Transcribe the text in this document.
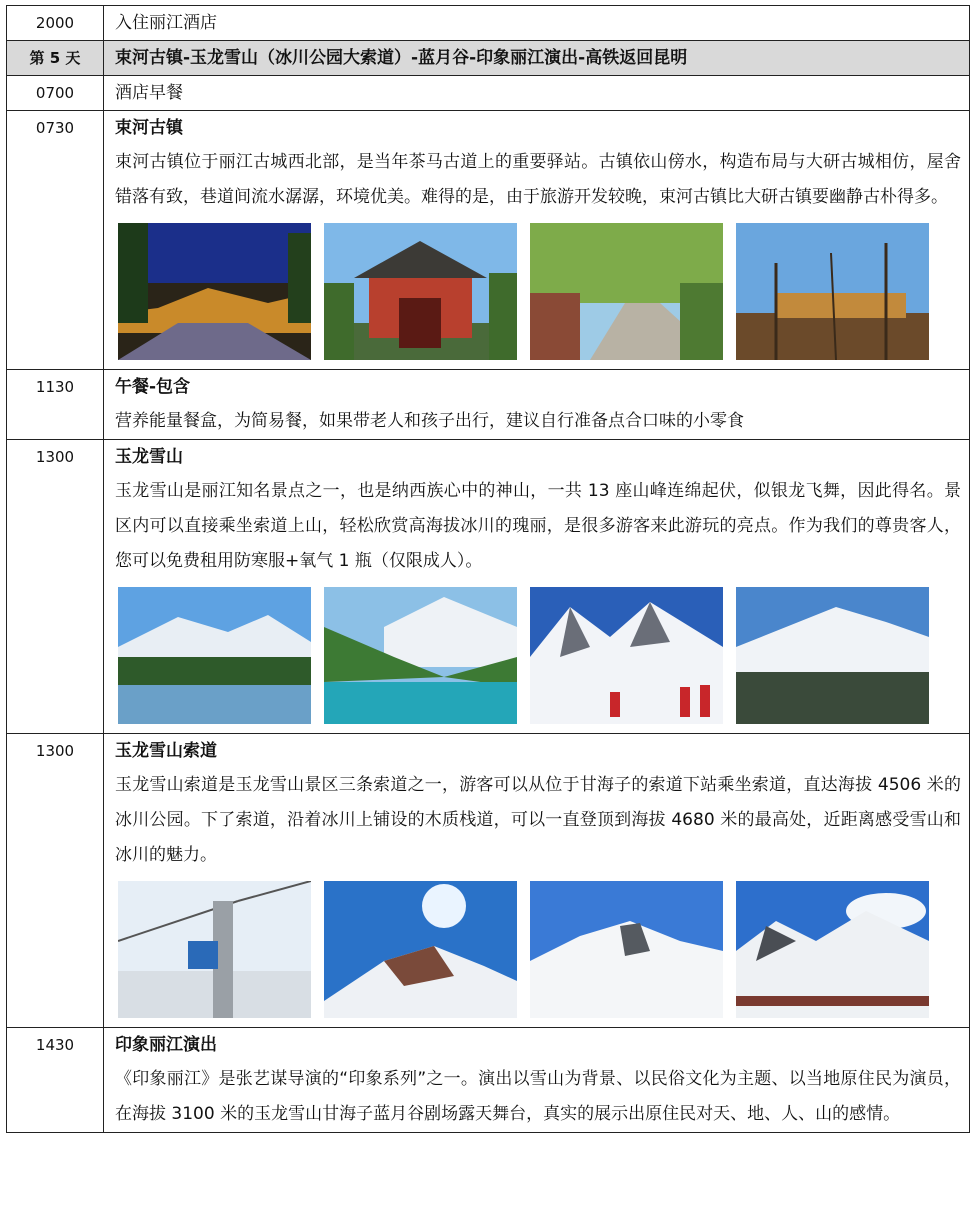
2000	入住丽江酒店
第 5 天	束河古镇-玉龙雪山（冰川公园大索道）-蓝月谷-印象丽江演出-高铁返回昆明
0700	酒店早餐
0730	束河古镇
束河古镇位于丽江古城西北部，是当年茶马古道上的重要驿站。古镇依山傍水，构造布局与大研古城相仿，屋舍错落有致，巷道间流水潺潺，环境优美。难得的是，由于旅游开发较晚，束河古镇比大研古镇要幽静古朴得多。

1130	午餐-包含
营养能量餐盒，为简易餐，如果带老人和孩子出行，建议自行准备点合口味的小零食

1300	玉龙雪山
玉龙雪山是丽江知名景点之一，也是纳西族心中的神山，一共 13 座山峰连绵起伏，似银龙飞舞，因此得名。景区内可以直接乘坐索道上山，轻松欣赏高海拔冰川的瑰丽，是很多游客来此游玩的亮点。作为我们的尊贵客人，您可以免费租用防寒服+氧气 1 瓶（仅限成人）。

1300	玉龙雪山索道
玉龙雪山索道是玉龙雪山景区三条索道之一，游客可以从位于甘海子的索道下站乘坐索道，直达海拔 4506 米的冰川公园。下了索道，沿着冰川上铺设的木质栈道，可以一直登顶到海拔 4680 米的最高处，近距离感受雪山和冰川的魅力。

1430	印象丽江演出
《印象丽江》是张艺谋导演的“印象系列”之一。演出以雪山为背景、以民俗文化为主题、以当地原住民为演员，在海拔 3100 米的玉龙雪山甘海子蓝月谷剧场露天舞台，真实的展示出原住民对天、地、人、山的感情。
